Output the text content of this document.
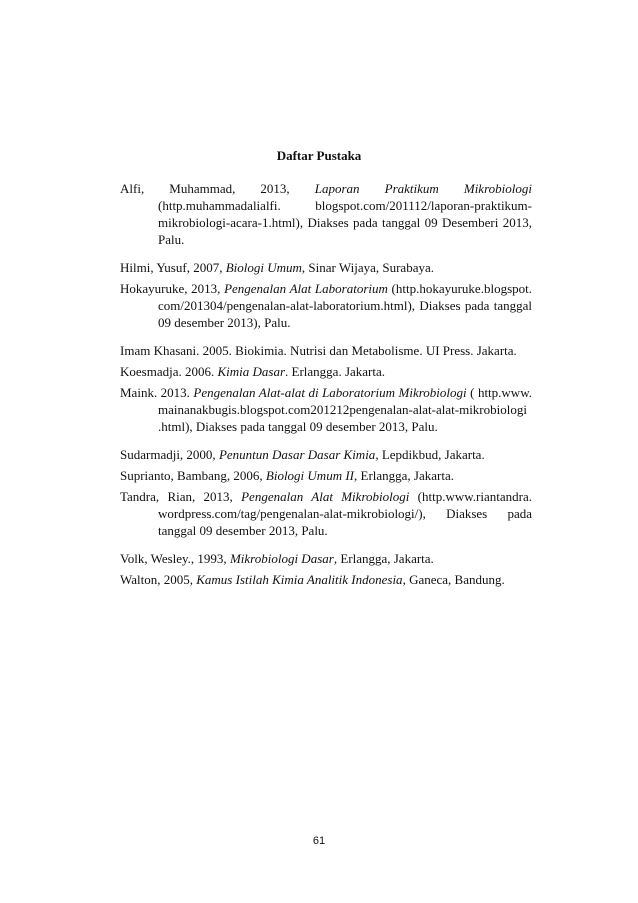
Daftar Pustaka

Alfi, Muhammad, 2013, Laporan Praktikum Mikrobiologi (http.muhammadalialfi. blogspot.com/201112/laporan-praktikum-mikrobiologi-acara-1.html), Diakses pada tanggal 09 Desemberi 2013, Palu.

Hilmi, Yusuf, 2007, Biologi Umum, Sinar Wijaya, Surabaya.

Hokayuruke, 2013, Pengenalan Alat Laboratorium (http.hokayuruke.blogspot. com/201304/pengenalan-alat-laboratorium.html), Diakses pada tanggal 09 desember 2013), Palu.

Imam Khasani. 2005. Biokimia. Nutrisi dan Metabolisme. UI Press. Jakarta.

Koesmadja. 2006. Kimia Dasar. Erlangga. Jakarta.

Maink. 2013. Pengenalan Alat-alat di Laboratorium Mikrobiologi ( http.www. mainanakbugis.blogspot.com201212pengenalan-alat-alat-mikrobiologi .html), Diakses pada tanggal 09 desember 2013, Palu.

Sudarmadji, 2000, Penuntun Dasar Dasar Kimia, Lepdikbud, Jakarta.

Suprianto, Bambang, 2006, Biologi Umum II, Erlangga, Jakarta.

Tandra, Rian, 2013, Pengenalan Alat Mikrobiologi (http.www.riantandra. wordpress.com/tag/pengenalan-alat-mikrobiologi/), Diakses pada tanggal 09 desember 2013, Palu.

Volk, Wesley., 1993, Mikrobiologi Dasar, Erlangga, Jakarta.

Walton, 2005, Kamus Istilah Kimia Analitik Indonesia, Ganeca, Bandung.

61
